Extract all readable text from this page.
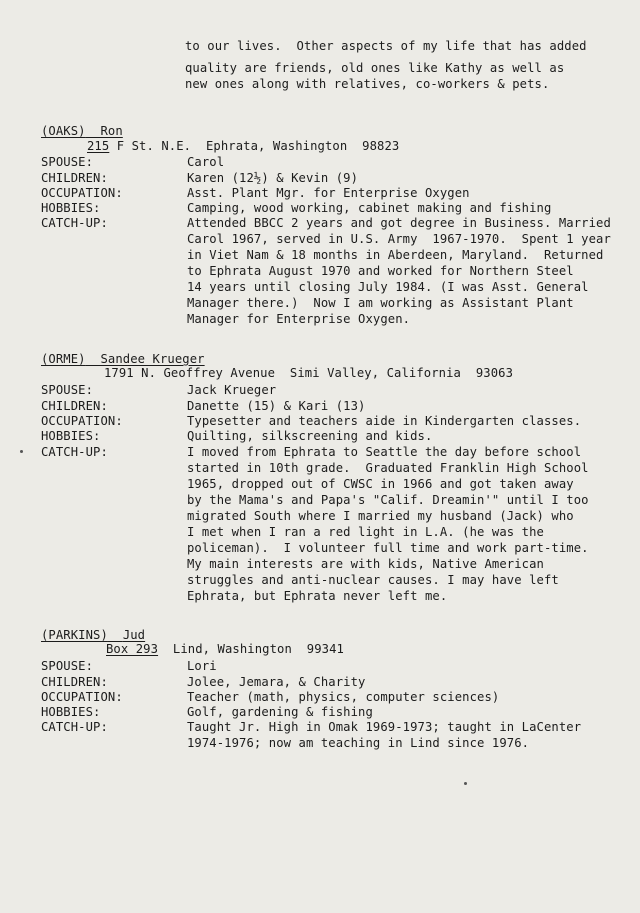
to our lives.  Other aspects of my life that has added
quality are friends, old ones like Kathy as well as
new ones along with relatives, co-workers & pets.
(OAKS) Ron
215 F St. N.E.  Ephrata, Washington  98823
SPOUSE:	Carol
CHILDREN:	Karen (12½) & Kevin (9)
OCCUPATION:	Asst. Plant Mgr. for Enterprise Oxygen
HOBBIES:	Camping, wood working, cabinet making and fishing
CATCH-UP:	Attended BBCC 2 years and got degree in Business. Married
Carol 1967, served in U.S. Army  1967-1970.  Spent 1 year
in Viet Nam & 18 months in Aberdeen, Maryland.  Returned
to Ephrata August 1970 and worked for Northern Steel
14 years until closing July 1984. (I was Asst. General
Manager there.)  Now I am working as Assistant Plant
Manager for Enterprise Oxygen.
(ORME) Sandee Krueger
1791 N. Geoffrey Avenue  Simi Valley, California  93063
SPOUSE:	Jack Krueger
CHILDREN:	Danette (15) & Kari (13)
OCCUPATION:	Typesetter and teachers aide in Kindergarten classes.
HOBBIES:	Quilting, silkscreening and kids.
CATCH-UP:	I moved from Ephrata to Seattle the day before school
started in 10th grade.  Graduated Franklin High School
1965, dropped out of CWSC in 1966 and got taken away
by the Mama's and Papa's "Calif. Dreamin'" until I too
migrated South where I married my husband (Jack) who
I met when I ran a red light in L.A. (he was the
policeman).  I volunteer full time and work part-time.
My main interests are with kids, Native American
struggles and anti-nuclear causes. I may have left
Ephrata, but Ephrata never left me.
(PARKINS) Jud
Box 293  Lind, Washington  99341
SPOUSE:	Lori
CHILDREN:	Jolee, Jemara, & Charity
OCCUPATION:	Teacher (math, physics, computer sciences)
HOBBIES:	Golf, gardening & fishing
CATCH-UP:	Taught Jr. High in Omak 1969-1973; taught in LaCenter
1974-1976; now am teaching in Lind since 1976.
